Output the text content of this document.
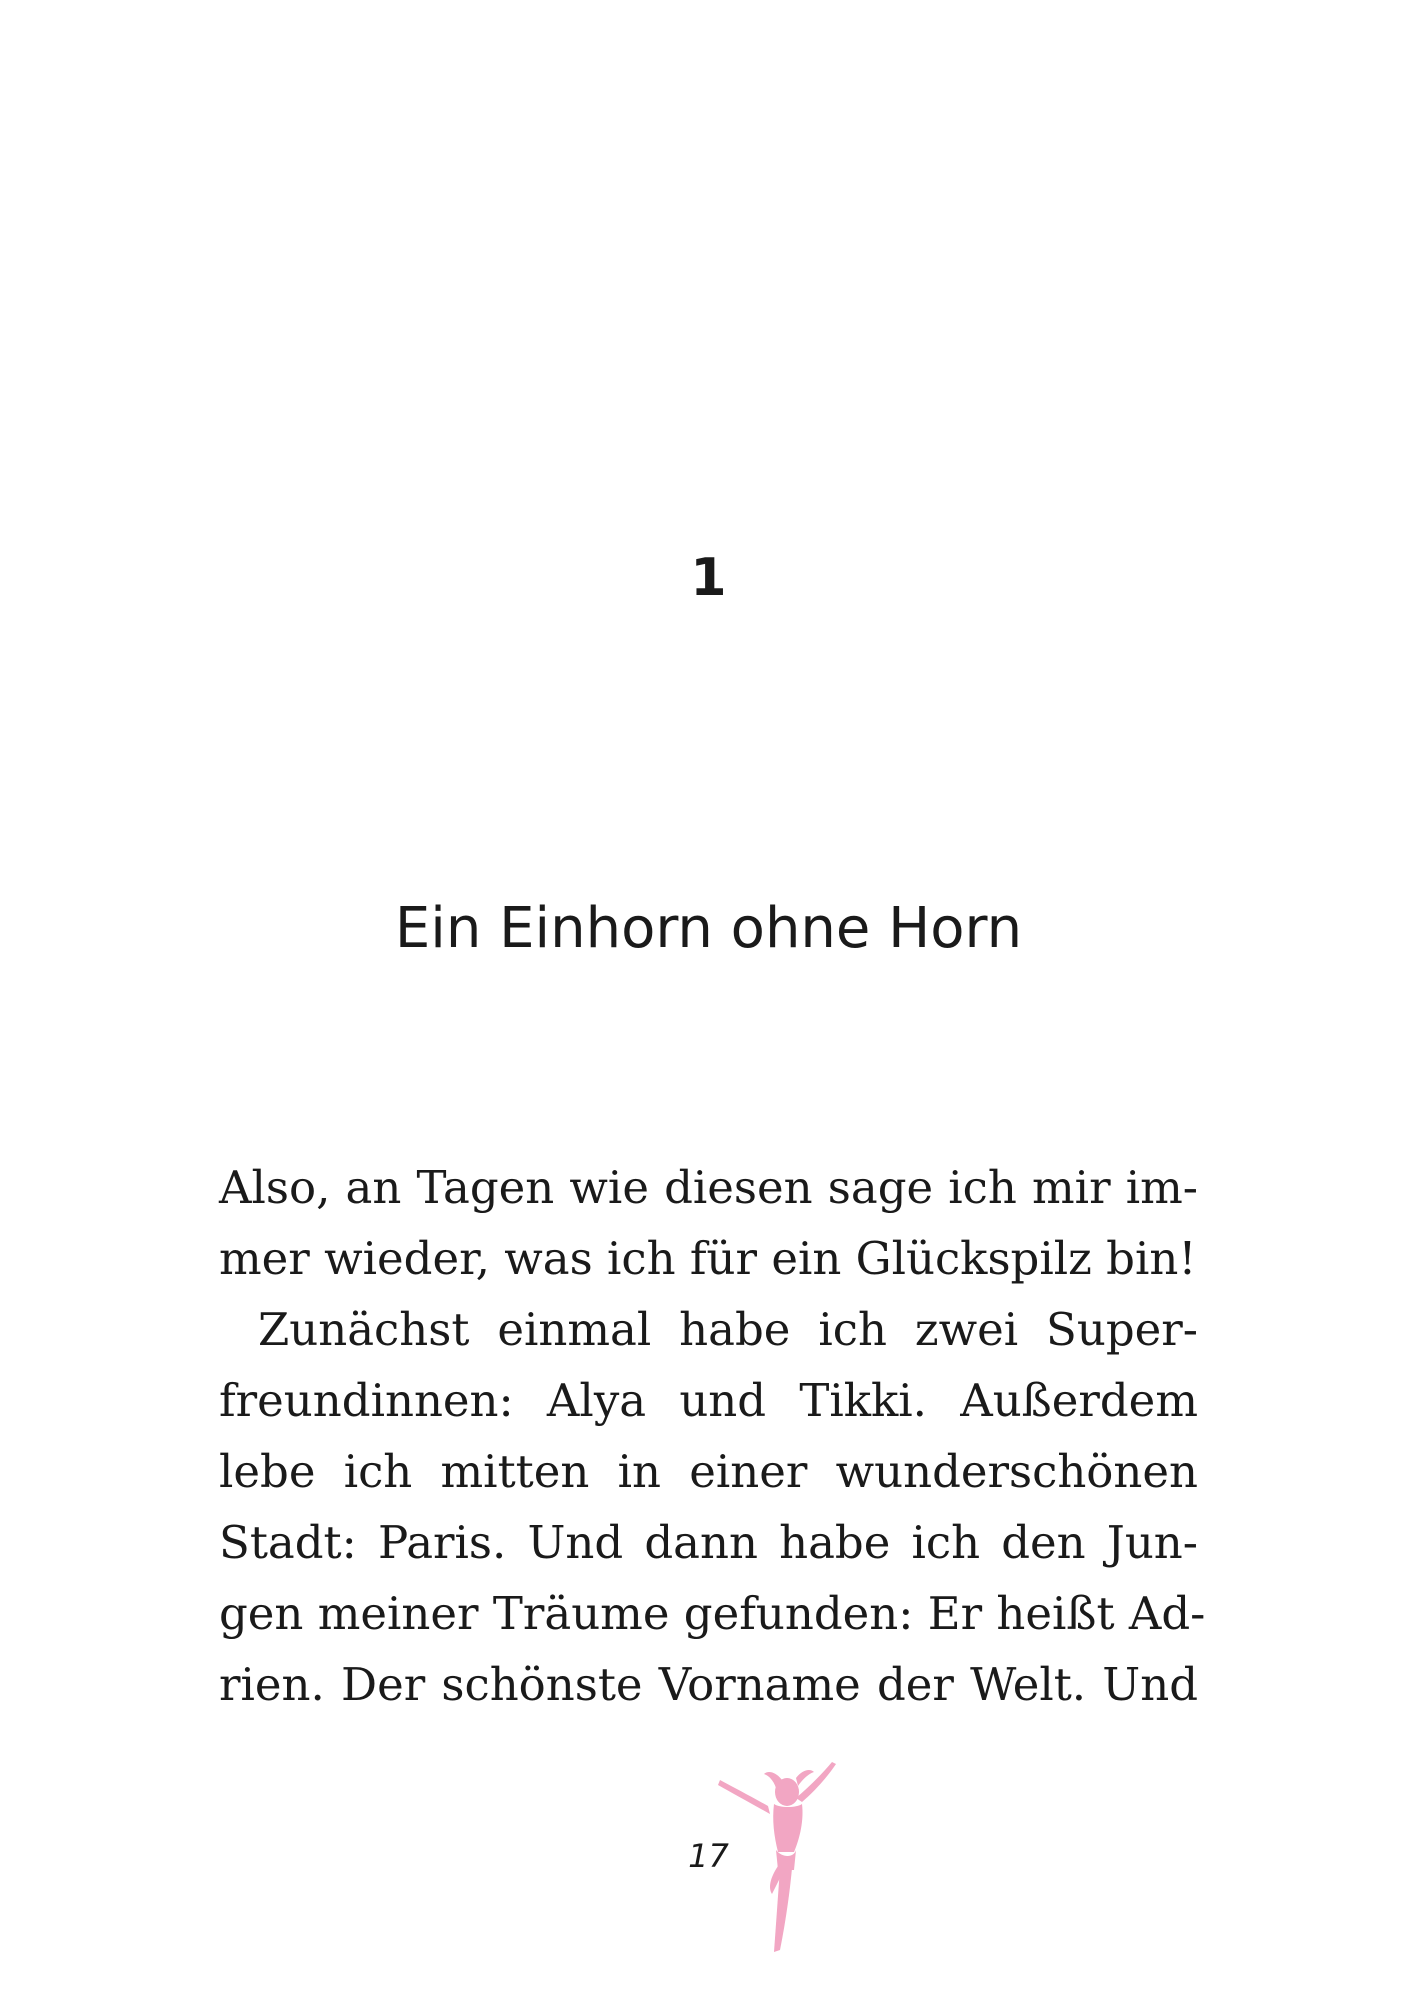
1
Ein Einhorn ohne Horn
Also, an Tagen wie diesen sage ich mir im-
mer wieder, was ich für ein Glückspilz bin!
Zunächst einmal habe ich zwei Super-
freundinnen: Alya und Tikki. Außerdem
lebe ich mitten in einer wunderschönen
Stadt: Paris. Und dann habe ich den Jun-
gen meiner Träume gefunden: Er heißt Ad-
rien. Der schönste Vorname der Welt. Und
17
